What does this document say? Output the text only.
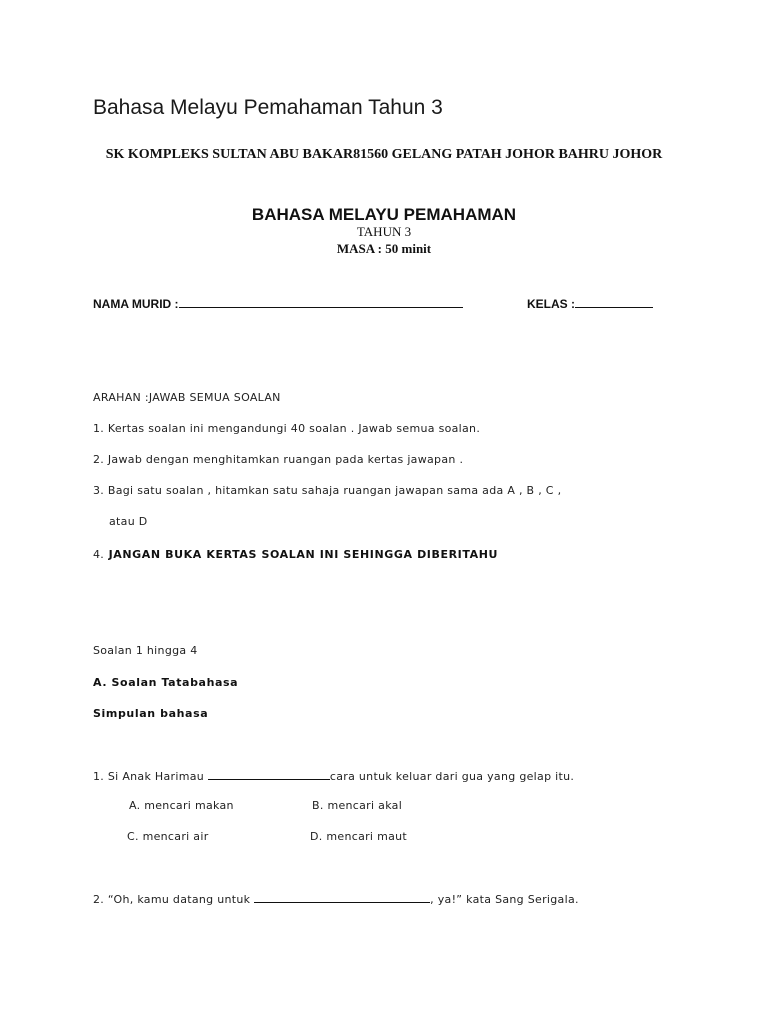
Bahasa Melayu Pemahaman Tahun 3
SK KOMPLEKS SULTAN ABU BAKAR81560 GELANG PATAH JOHOR BAHRU JOHOR
BAHASA MELAYU PEMAHAMAN
TAHUN 3
MASA : 50 minit
NAMA MURID :	KELAS :
ARAHAN :JAWAB SEMUA SOALAN
1. Kertas soalan ini mengandungi 40 soalan . Jawab semua soalan.
2. Jawab dengan menghitamkan ruangan pada kertas jawapan .
3. Bagi satu soalan , hitamkan satu sahaja ruangan jawapan sama ada A , B , C ,
atau D
4. JANGAN BUKA KERTAS SOALAN INI SEHINGGA DIBERITAHU
Soalan 1 hingga 4
A. Soalan Tatabahasa
Simpulan bahasa
1. Si Anak Harimau	cara untuk keluar dari gua yang gelap itu.
A. mencari makan	B. mencari akal
C. mencari air	D. mencari maut
2. “Oh, kamu datang untuk	, ya!” kata Sang Serigala.
